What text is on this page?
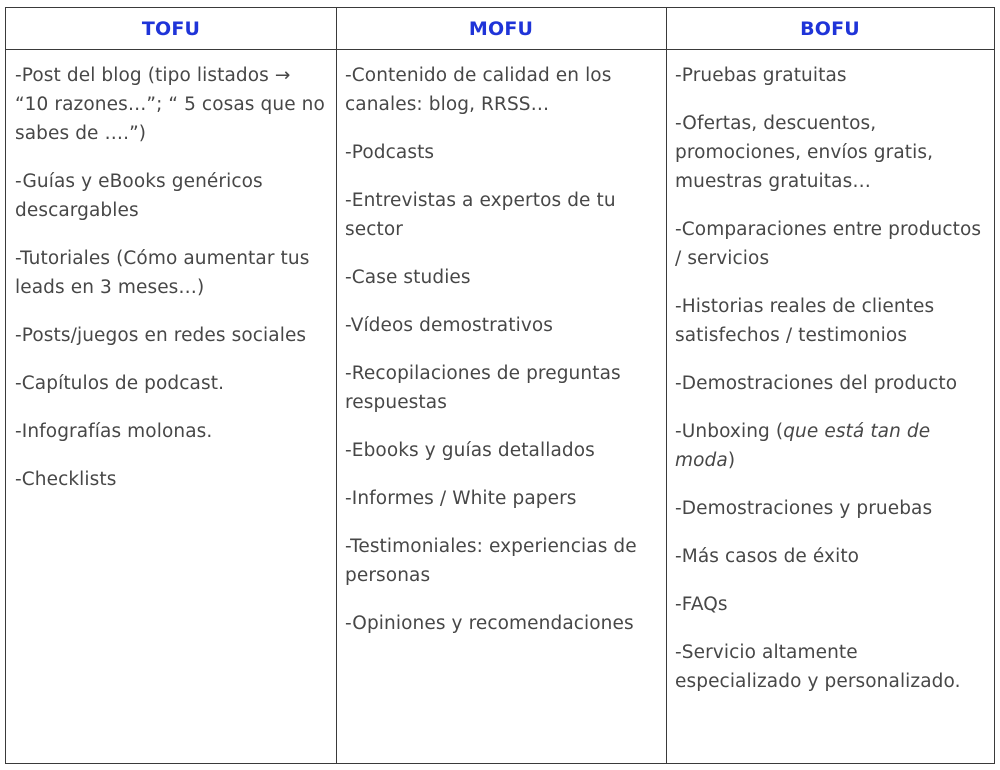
TOFU	MOFU	BOFU

-Post del blog (tipo listados → “10 razones…”; “ 5 cosas que no sabes de ….”)

-Guías y eBooks genéricos descargables

-Tutoriales (Cómo aumentar tus leads en 3 meses…)

-Posts/juegos en redes sociales

-Capítulos de podcast.

-Infografías molonas.

-Checklists

-Contenido de calidad en los canales: blog, RRSS…

-Podcasts

-Entrevistas a expertos de tu sector

-Case studies

-Vídeos demostrativos

-Recopilaciones de preguntas respuestas

-Ebooks y guías detallados

-Informes / White papers

-Testimoniales: experiencias de personas

-Opiniones y recomendaciones

-Pruebas gratuitas

-Ofertas, descuentos, promociones, envíos gratis, muestras gratuitas…

-Comparaciones entre productos / servicios

-Historias reales de clientes satisfechos / testimonios

-Demostraciones del producto

-Unboxing (que está tan de moda)

-Demostraciones y pruebas

-Más casos de éxito

-FAQs

-Servicio altamente especializado y personalizado.
